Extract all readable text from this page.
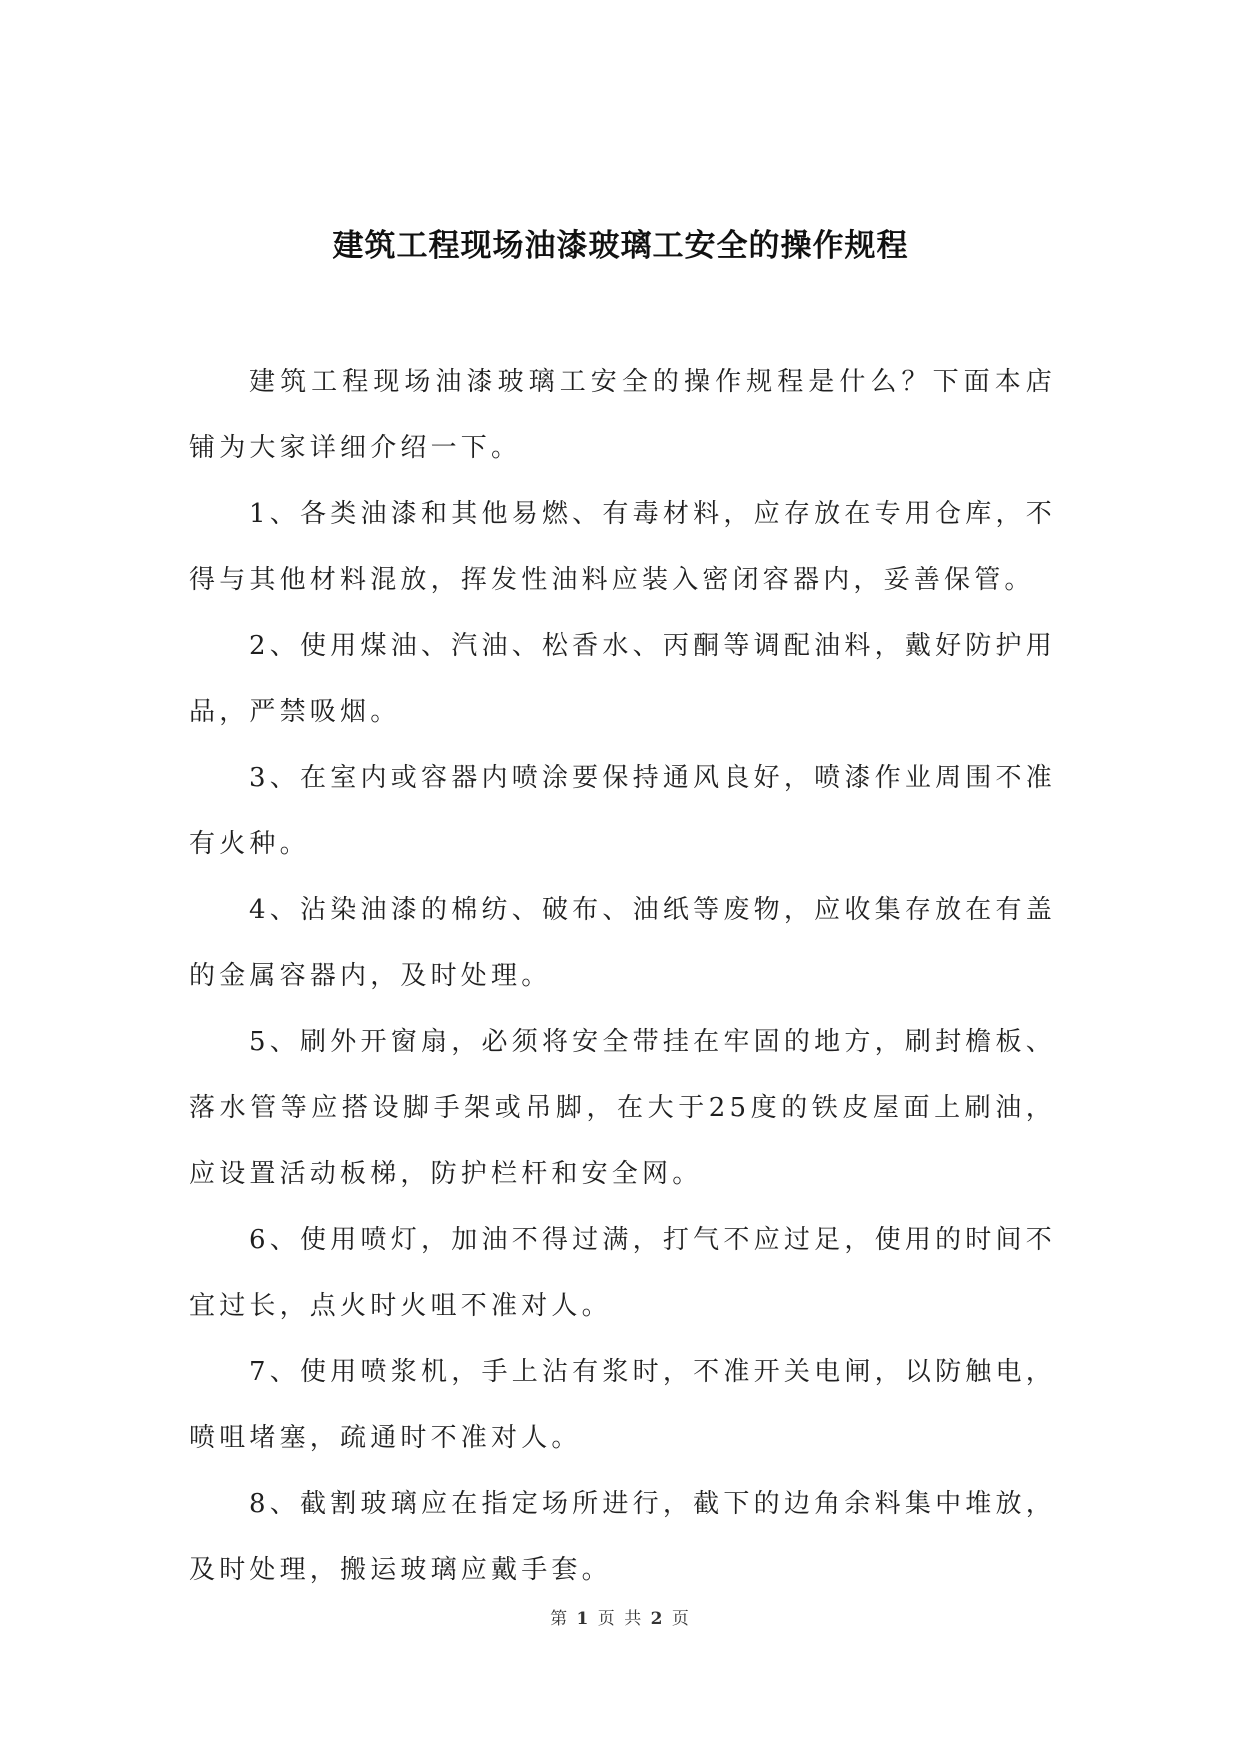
建筑工程现场油漆玻璃工安全的操作规程

建筑工程现场油漆玻璃工安全的操作规程是什么？下面本店铺为大家详细介绍一下。

1、各类油漆和其他易燃、有毒材料，应存放在专用仓库，不得与其他材料混放，挥发性油料应装入密闭容器内，妥善保管。

2、使用煤油、汽油、松香水、丙酮等调配油料，戴好防护用品，严禁吸烟。

3、在室内或容器内喷涂要保持通风良好，喷漆作业周围不准有火种。

4、沾染油漆的棉纺、破布、油纸等废物，应收集存放在有盖的金属容器内，及时处理。

5、刷外开窗扇，必须将安全带挂在牢固的地方，刷封檐板、落水管等应搭设脚手架或吊脚，在大于25度的铁皮屋面上刷油，应设置活动板梯，防护栏杆和安全网。

6、使用喷灯，加油不得过满，打气不应过足，使用的时间不宜过长，点火时火咀不准对人。

7、使用喷浆机，手上沾有浆时，不准开关电闸，以防触电，喷咀堵塞，疏通时不准对人。

8、截割玻璃应在指定场所进行，截下的边角余料集中堆放，及时处理，搬运玻璃应戴手套。

第 1 页 共 2 页
